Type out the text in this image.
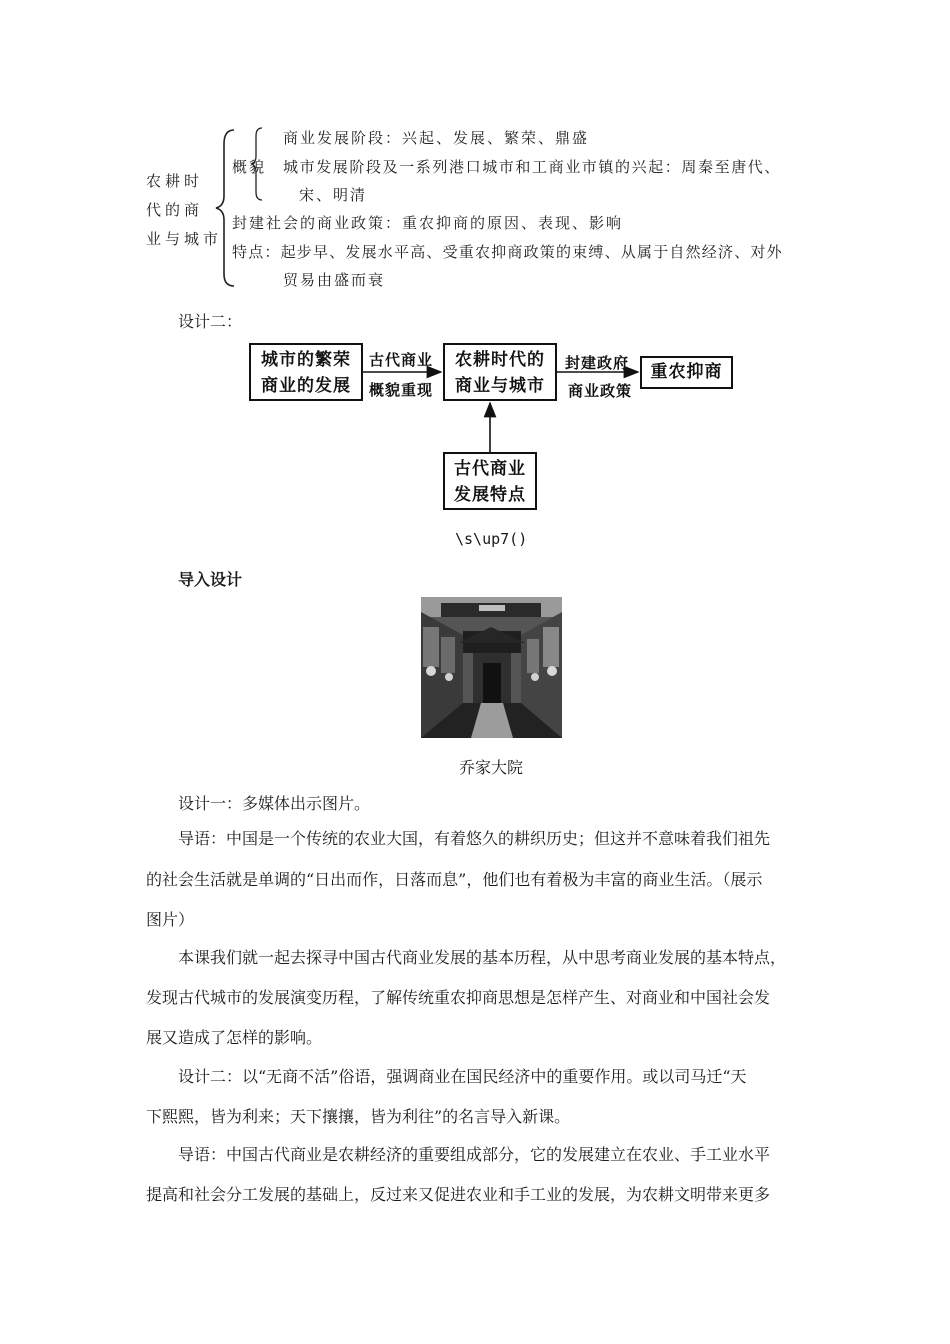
农耕时
代的商
业与城市
概貌
商业发展阶段：兴起、发展、繁荣、鼎盛
城市发展阶段及一系列港口城市和工商业市镇的兴起：周秦至唐代、
宋、明清
封建社会的商业政策：重农抑商的原因、表现、影响
特点：起步早、发展水平高、受重农抑商政策的束缚、从属于自然经济、对外
贸易由盛而衰
设计二：
城市的繁荣
商业的发展
古代商业
概貌重现
农耕时代的
商业与城市
封建政府
商业政策
重农抑商
古代商业
发展特点
\s\up7()
导入设计
乔家大院
设计一：多媒体出示图片。
导语：中国是一个传统的农业大国，有着悠久的耕织历史；但这并不意味着我们祖先
的社会生活就是单调的“日出而作，日落而息”，他们也有着极为丰富的商业生活。（展示
图片）
本课我们就一起去探寻中国古代商业发展的基本历程，从中思考商业发展的基本特点，
发现古代城市的发展演变历程，了解传统重农抑商思想是怎样产生、对商业和中国社会发
展又造成了怎样的影响。
设计二：以“无商不活”俗语，强调商业在国民经济中的重要作用。或以司马迁“天
下熙熙，皆为利来；天下攘攘，皆为利往”的名言导入新课。
导语：中国古代商业是农耕经济的重要组成部分，它的发展建立在农业、手工业水平
提高和社会分工发展的基础上，反过来又促进农业和手工业的发展，为农耕文明带来更多
